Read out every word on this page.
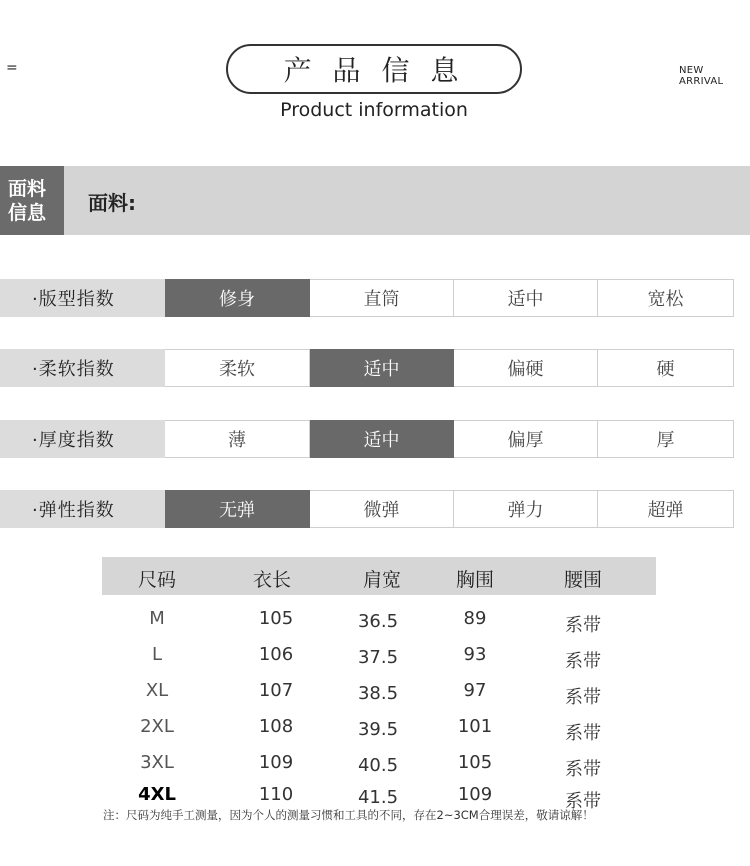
=	产 品 信 息
Product information
NEW ARRIVAL
面料
信息	面料:
·版型指数	修身	直筒	适中	宽松
·柔软指数	柔软	适中	偏硬	硬
·厚度指数	薄	适中	偏厚	厚
·弹性指数	无弹	微弹	弹力	超弹
尺码	衣长	肩宽	胸围	腰围
M	105	36.5	89	系带
L	106	37.5	93	系带
XL	107	38.5	97	系带
2XL	108	39.5	101	系带
3XL	109	40.5	105	系带
4XL	110	41.5	109	系带
注：尺码为纯手工测量，因为个人的测量习惯和工具的不同，存在2~3CM合理误差，敬请谅解！
